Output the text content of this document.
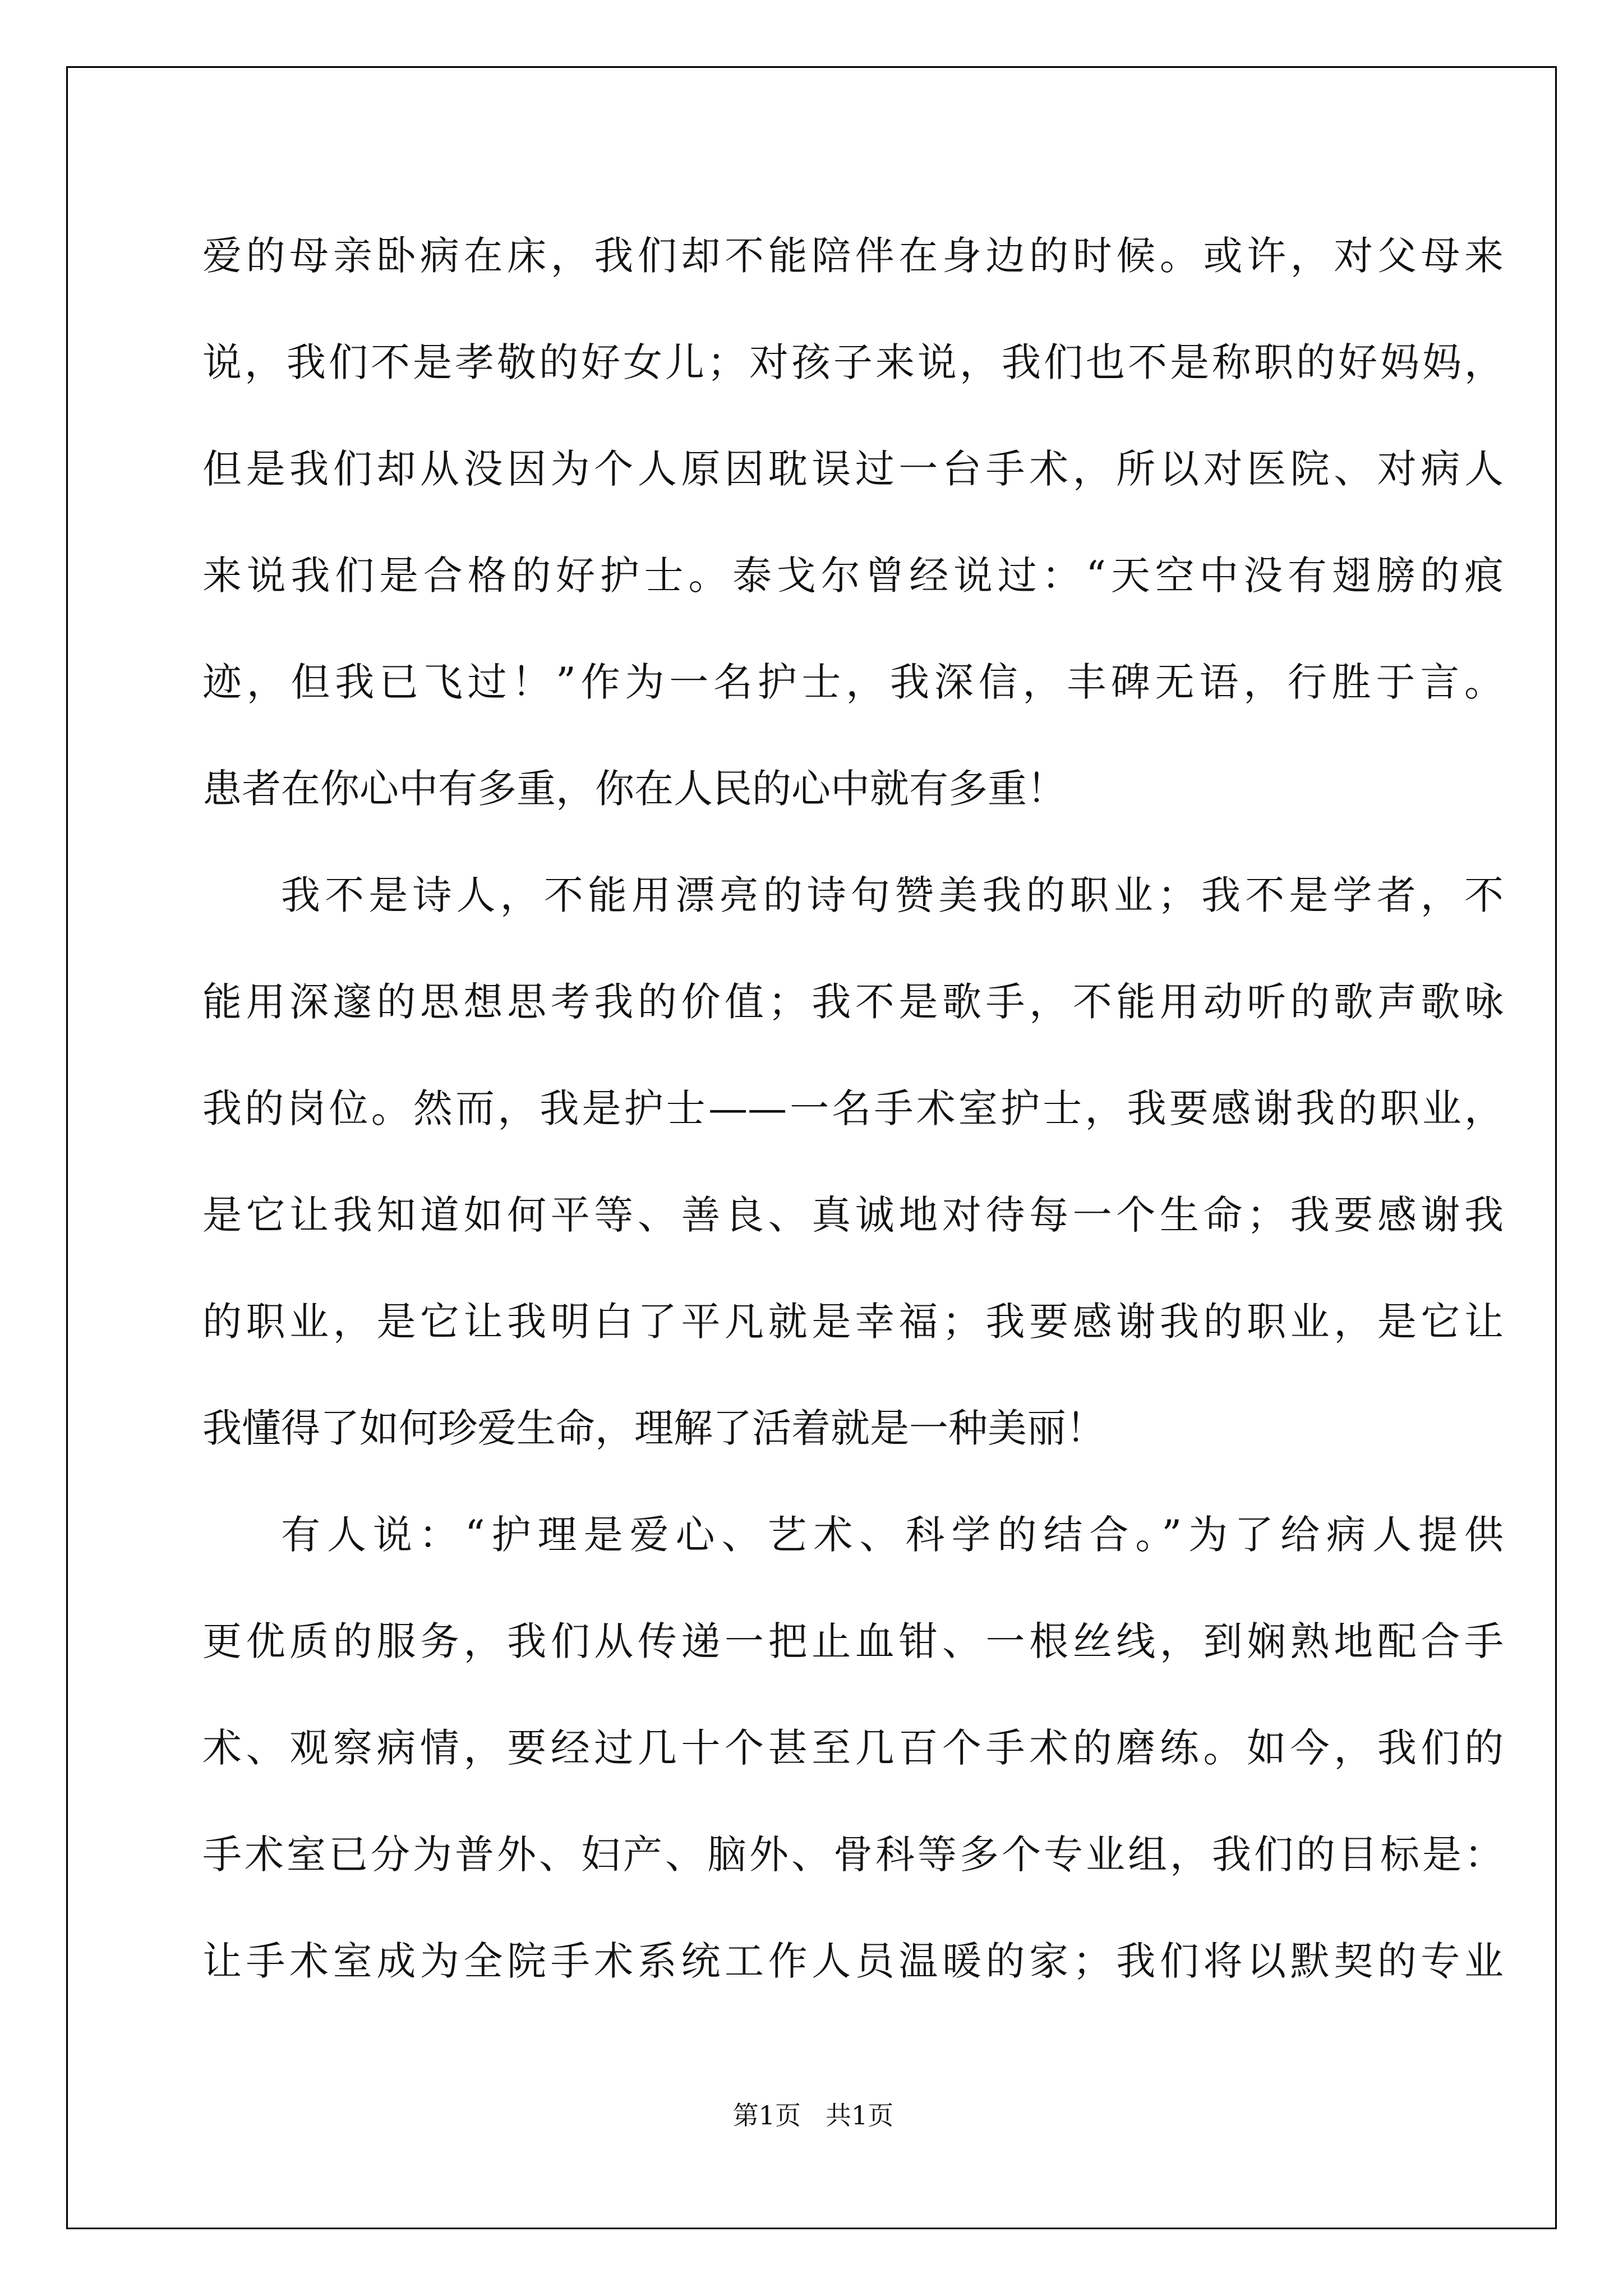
爱的母亲卧病在床，我们却不能陪伴在身边的时候。或许，对父母来
说，我们不是孝敬的好女儿；对孩子来说，我们也不是称职的好妈妈，
但是我们却从没因为个人原因耽误过一台手术，所以对医院、对病人
来说我们是合格的好护士。泰戈尔曾经说过：“天空中没有翅膀的痕
迹，但我已飞过！”作为一名护士，我深信，丰碑无语，行胜于言。
患者在你心中有多重，你在人民的心中就有多重！
我不是诗人，不能用漂亮的诗句赞美我的职业；我不是学者，不
能用深邃的思想思考我的价值；我不是歌手，不能用动听的歌声歌咏
我的岗位。然而，我是护士——一名手术室护士，我要感谢我的职业，
是它让我知道如何平等、善良、真诚地对待每一个生命；我要感谢我
的职业，是它让我明白了平凡就是幸福；我要感谢我的职业，是它让
我懂得了如何珍爱生命，理解了活着就是一种美丽！
有人说：“护理是爱心、艺术、科学的结合。”为了给病人提供
更优质的服务，我们从传递一把止血钳、一根丝线，到娴熟地配合手
术、观察病情，要经过几十个甚至几百个手术的磨练。如今，我们的
手术室已分为普外、妇产、脑外、骨科等多个专业组，我们的目标是：
让手术室成为全院手术系统工作人员温暖的家；我们将以默契的专业
第1页 共1页
